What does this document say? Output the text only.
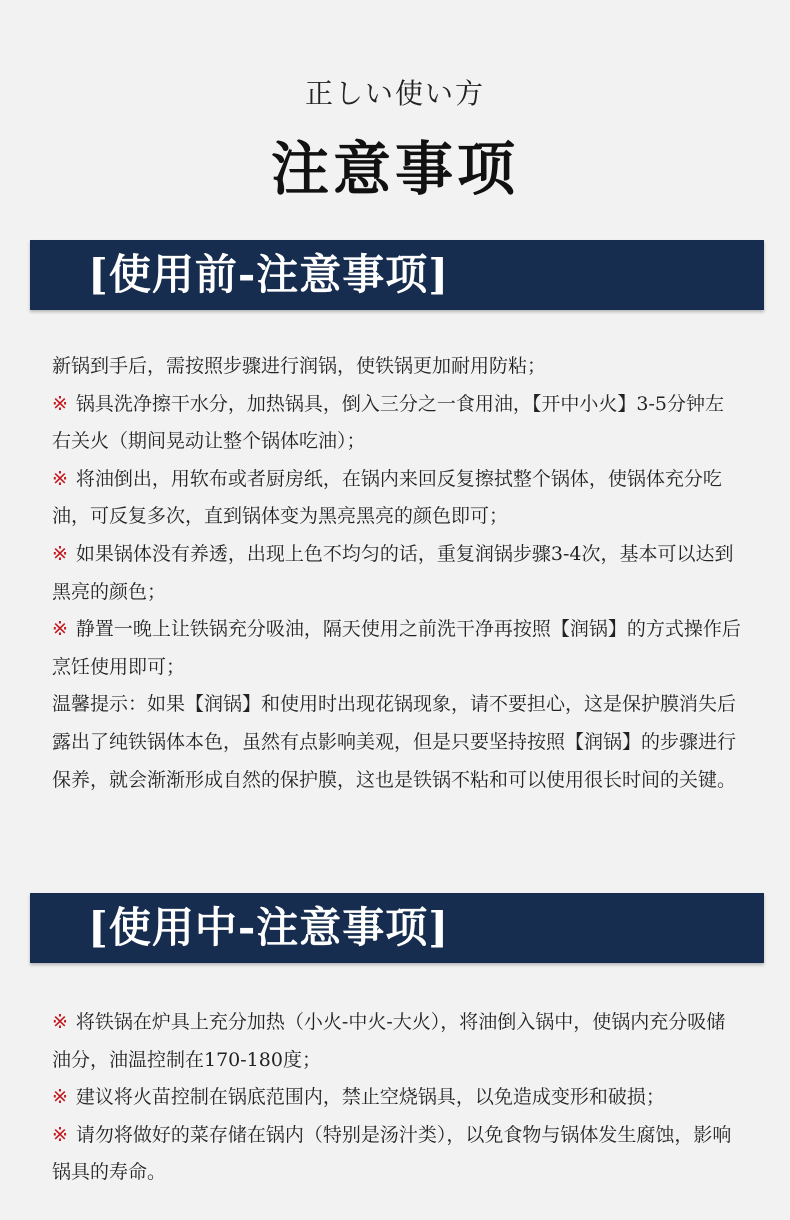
正しい使い方
注意事项
[使用前-注意事项]
新锅到手后，需按照步骤进行润锅，使铁锅更加耐用防粘；
※ 锅具洗净擦干水分，加热锅具，倒入三分之一食用油，【开中小火】3-5分钟左右关火（期间晃动让整个锅体吃油）；
※ 将油倒出，用软布或者厨房纸，在锅内来回反复擦拭整个锅体，使锅体充分吃油，可反复多次，直到锅体变为黑亮黑亮的颜色即可；
※ 如果锅体没有养透，出现上色不均匀的话，重复润锅步骤3-4次，基本可以达到黑亮的颜色；
※ 静置一晚上让铁锅充分吸油，隔天使用之前洗干净再按照【润锅】的方式操作后烹饪使用即可；
温馨提示：如果【润锅】和使用时出现花锅现象，请不要担心，这是保护膜消失后露出了纯铁锅体本色，虽然有点影响美观，但是只要坚持按照【润锅】的步骤进行保养，就会渐渐形成自然的保护膜，这也是铁锅不粘和可以使用很长时间的关键。
[使用中-注意事项]
※ 将铁锅在炉具上充分加热（小火-中火-大火），将油倒入锅中，使锅内充分吸储油分，油温控制在170-180度；
※ 建议将火苗控制在锅底范围内，禁止空烧锅具，以免造成变形和破损；
※ 请勿将做好的菜存储在锅内（特别是汤汁类），以免食物与锅体发生腐蚀，影响锅具的寿命。
